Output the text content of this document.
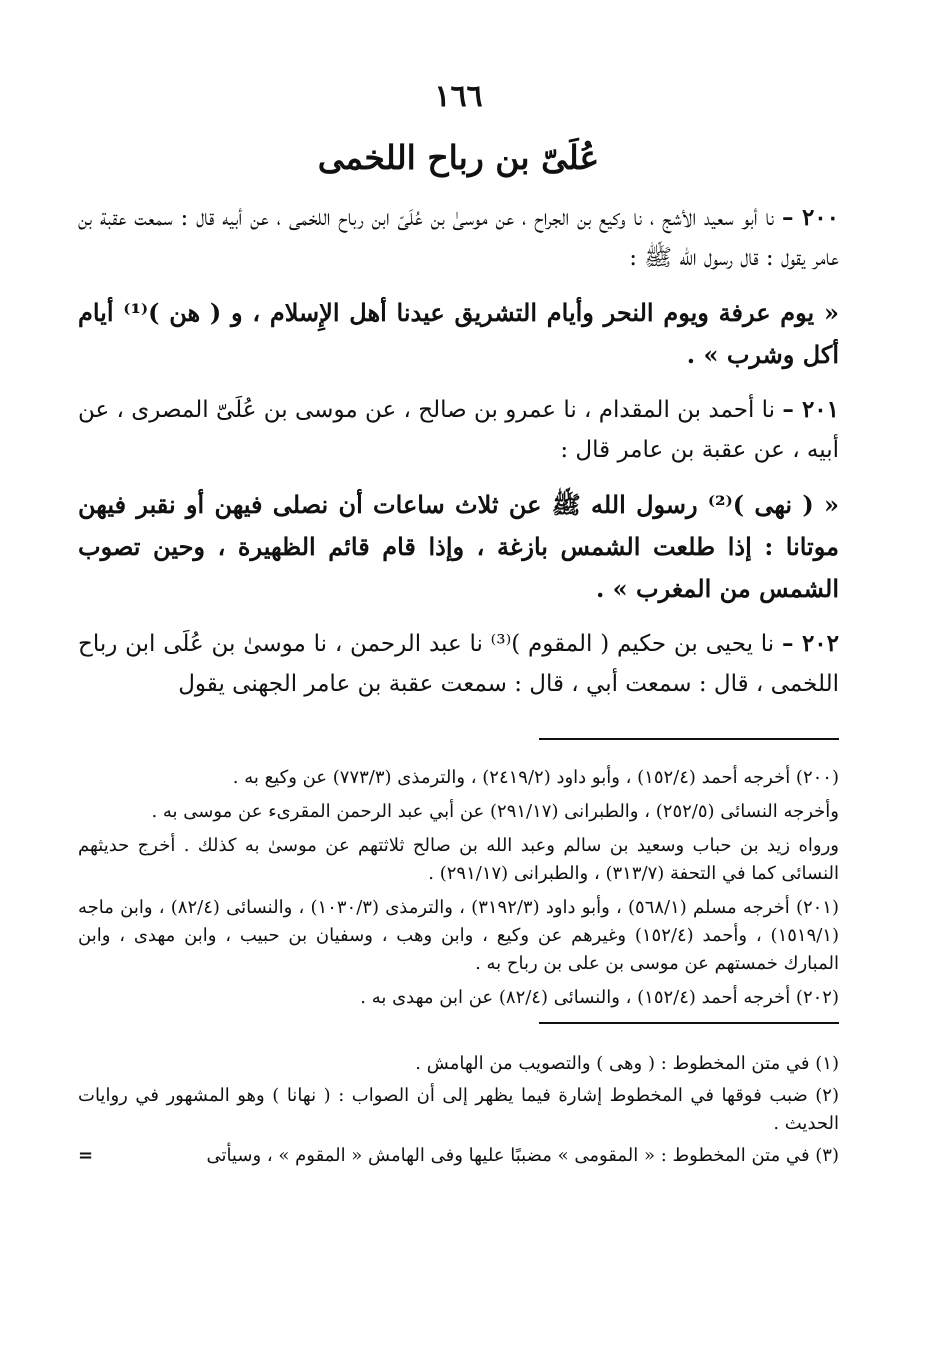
١٦٦
عُلَىّ بن رباح اللخمى

٢٠٠ – نا أبو سعيد الأشج ، نا وكيع بن الجراح ، عن موسىٰ بن عُلَىّ ابن رباح اللخمى ، عن أبيه قال : سمعت عقبة بن عامر يقول : قال رسول الله ﷺ :

« يوم عرفة ويوم النحر وأيام التشريق عيدنا أهل الإِسلام ، و ( هن )⁽¹⁾ أيام أكل وشرب » .

٢٠١ – نا أحمد بن المقدام ، نا عمرو بن صالح ، عن موسى بن عُلَىّ المصرى ، عن أبيه ، عن عقبة بن عامر قال :

« ( نهى )⁽²⁾ رسول الله ﷺ عن ثلاث ساعات أن نصلى فيهن أو نقبر فيهن موتانا : إذا طلعت الشمس بازغة ، وإذا قام قائم الظهيرة ، وحين تصوب الشمس من المغرب » .

٢٠٢ – نا يحيى بن حكيم ( المقوم )⁽³⁾ نا عبد الرحمن ، نا موسىٰ بن عُلَى ابن رباح اللخمى ، قال : سمعت أبي ، قال : سمعت عقبة بن عامر الجهنى يقول

(٢٠٠) أخرجه أحمد (١٥٢/٤) ، وأبو داود (٢٤١٩/٢) ، والترمذى (٧٧٣/٣) عن وكيع به .

وأخرجه النسائى (٢٥٢/٥) ، والطبرانى (٢٩١/١٧) عن أبي عبد الرحمن المقرىء عن موسى به .

ورواه زيد بن حباب وسعيد بن سالم وعبد الله بن صالح ثلاثتهم عن موسىٰ به كذلك . أخرج حديثهم النسائى كما في التحفة (٣١٣/٧) ، والطبرانى (٢٩١/١٧) .

(٢٠١) أخرجه مسلم (٥٦٨/١) ، وأبو داود (٣١٩٢/٣) ، والترمذى (١٠٣٠/٣) ، والنسائى (٨٢/٤) ، وابن ماجه (١٥١٩/١) ، وأحمد (١٥٢/٤) وغيرهم عن وكيع ، وابن وهب ، وسفيان بن حبيب ، وابن مهدى ، وابن المبارك خمستهم عن موسى بن على بن رباح به .

(٢٠٢) أخرجه أحمد (١٥٢/٤) ، والنسائى (٨٢/٤) عن ابن مهدى به .

(١) في متن المخطوط : ( وهى ) والتصويب من الهامش .

(٢) ضبب فوقها في المخطوط إشارة فيما يظهر إلى أن الصواب : ( نهانا ) وهو المشهور في روايات الحديث .

=	(٣) في متن المخطوط : « المقومى » مضببًا عليها وفى الهامش « المقوم » ، وسيأتى
